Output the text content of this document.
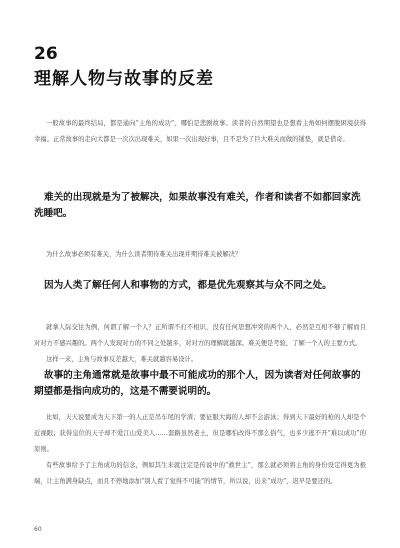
26
理解人物与故事的反差

一般故事的最终结局，都是通向“主角的成功”，哪怕是悲剧故事。读者的自然期望也是想看主角如何摆脱困境获得幸福。正常故事的走向大都是一次次出现难关，如果一次出现好事，且不是为了巨大难关而做的铺垫，就是借奇。

难关的出现就是为了被解决，如果故事没有难关，作者和读者不如都回家洗洗睡吧。

为什么故事必须有难关，为什么读者期待难关出现并期待难关被解决？

因为人类了解任何人和事物的方式，都是优先观察其与众不同之处。

就拿人际交往为例，何谓了解一个人？正所谓不打不相识，没有任何思想冲突的两个人，必然是互相不够了解而且对对方不感兴趣的。两个人发现对方的不同之处越多，对对方的理解就越深。难关便是考验，了解一个人的主要方式。

这样一来，主角与故事反差越大，难关就越容易设计。

故事的主角通常就是故事中最不可能成功的那个人，因为读者对任何故事的期望都是指向成功的，这是不需要说明的。

比如，天天说要成为天下第一的人正是吊车尾的学渣；要征服大海的人却不会游泳；得到天下最好的枪的人却是个近视眼；获得皇位的天子却不爱江山爱美人……套路虽然老土，但是哪怕改得不那么俗气，也多少逃不开“难以成功”的原则。

有些故事给予了主角成功的信念，例如其生来就注定是传说中的“救世主”，那么就必须将主角的身份设定得更为极端，让主角满身缺点，而且不停地添加“别人看了觉得不可能”的情节，所以说，出来“成功”，迟早是要还的。

60
